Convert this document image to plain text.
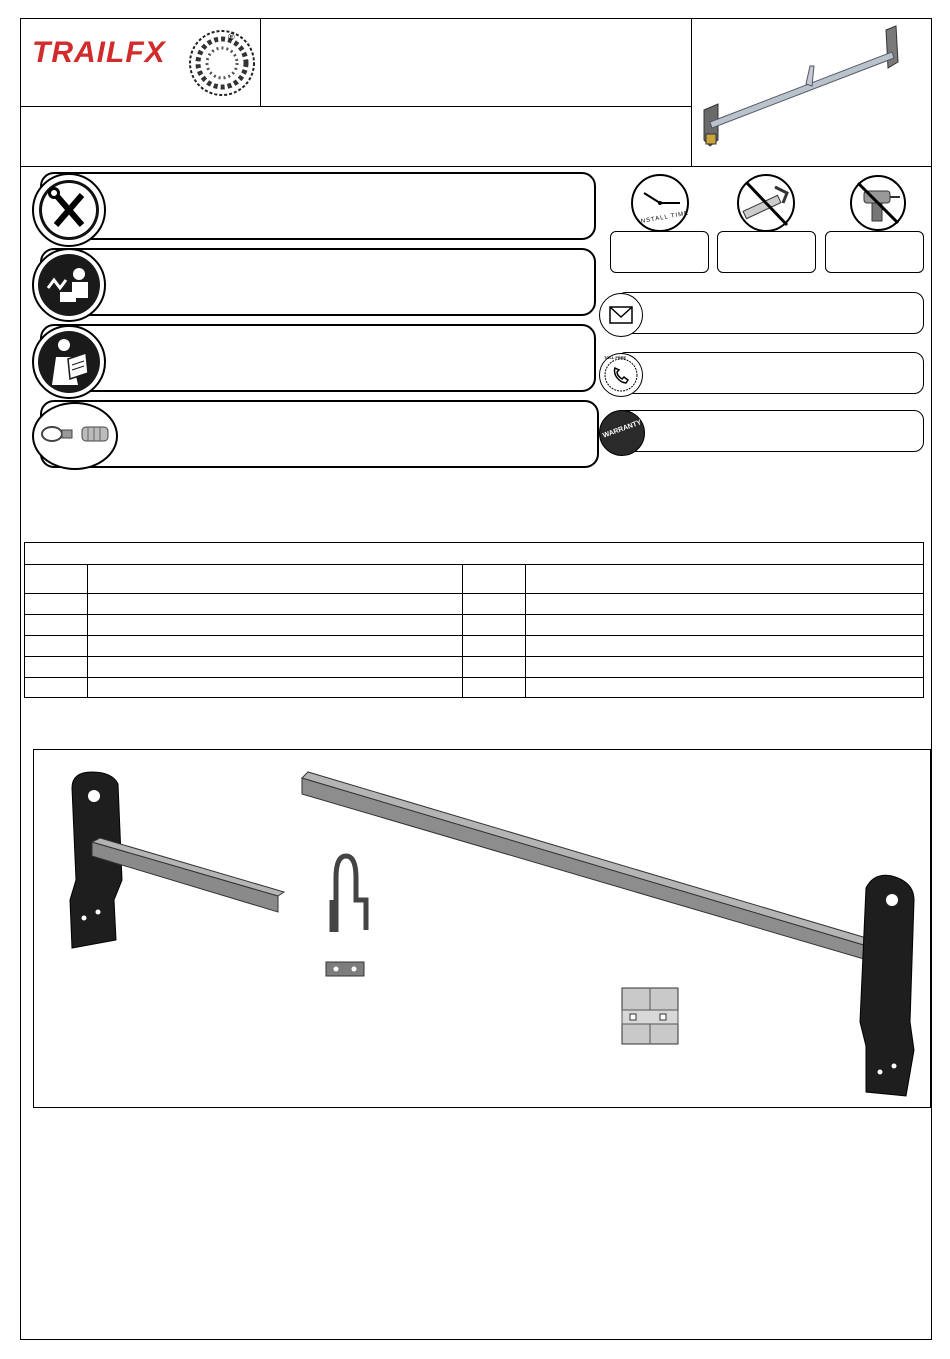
TRAILFX	®
INSTALL TIME
TOLL FREE
WARRANTY
